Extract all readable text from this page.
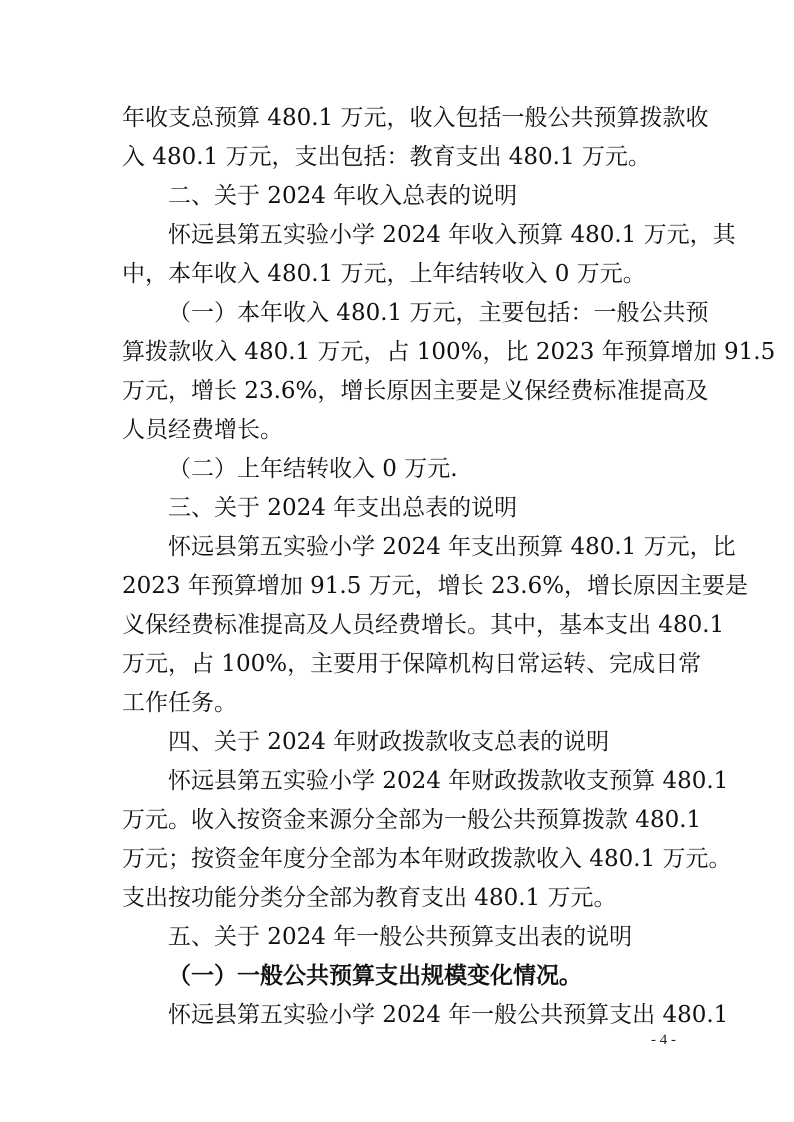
年收支总预算 480.1 万元，收入包括一般公共预算拨款收
入 480.1 万元，支出包括：教育支出 480.1 万元。
二、关于 2024 年收入总表的说明
怀远县第五实验小学 2024 年收入预算 480.1 万元，其
中，本年收入 480.1 万元，上年结转收入 0 万元。
（一）本年收入 480.1 万元，主要包括：一般公共预
算拨款收入 480.1 万元，占 100%，比 2023 年预算增加 91.5
万元，增长 23.6%，增长原因主要是义保经费标准提高及
人员经费增长。
（二）上年结转收入 0 万元.
三、关于 2024 年支出总表的说明
怀远县第五实验小学 2024 年支出预算 480.1 万元，比
2023 年预算增加 91.5 万元，增长 23.6%，增长原因主要是
义保经费标准提高及人员经费增长。其中，基本支出 480.1
万元，占 100%，主要用于保障机构日常运转、完成日常
工作任务。
四、关于 2024 年财政拨款收支总表的说明
怀远县第五实验小学 2024 年财政拨款收支预算 480.1
万元。收入按资金来源分全部为一般公共预算拨款 480.1
万元；按资金年度分全部为本年财政拨款收入 480.1 万元。
支出按功能分类分全部为教育支出 480.1 万元。
五、关于 2024 年一般公共预算支出表的说明
（一）一般公共预算支出规模变化情况。
怀远县第五实验小学 2024 年一般公共预算支出 480.1
- 4 -
